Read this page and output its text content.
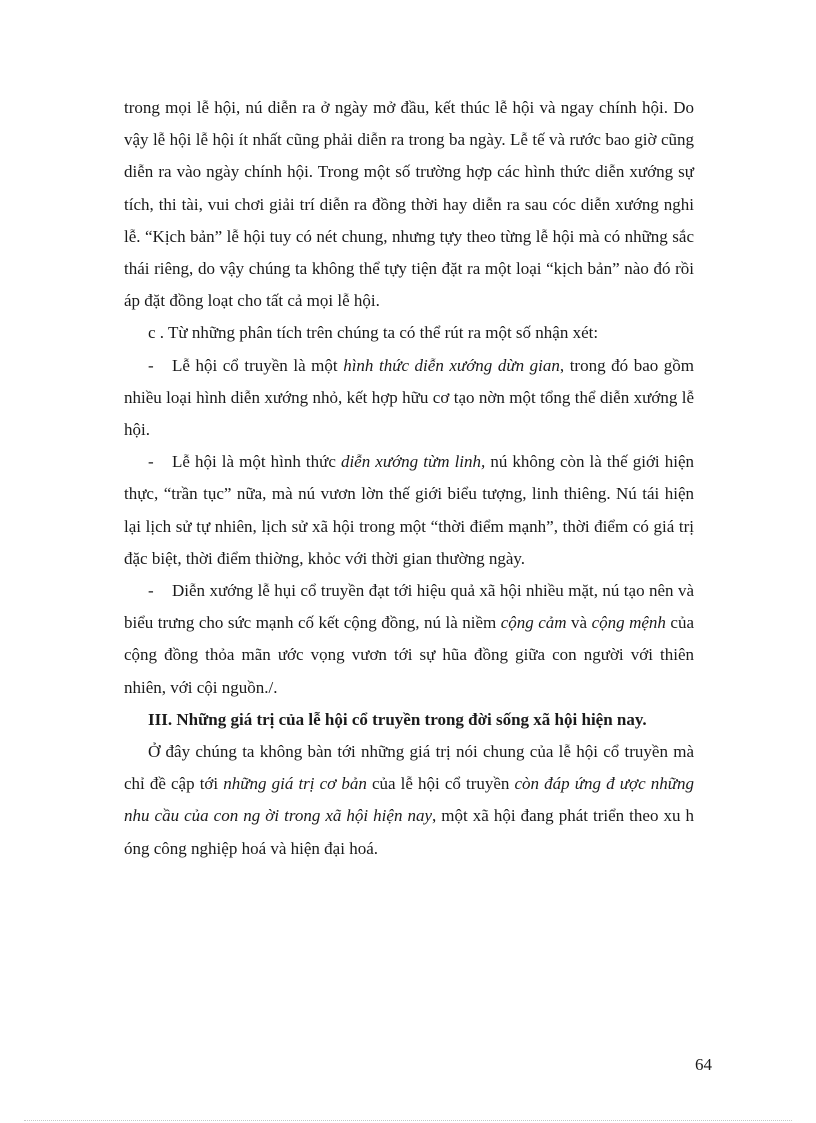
trong mọi lễ hội, nú diễn ra ở ngày mở đầu, kết thúc lễ hội và ngay chính hội. Do vậy lễ hội lễ hội ít nhất cũng phải diễn ra trong ba ngày. Lễ tế và rước bao giờ cũng diễn ra vào ngày chính hội. Trong một số trường hợp các hình thức diễn xướng sự tích, thi tài, vui chơi giải trí diễn ra đồng thời hay diễn ra sau cóc diễn xướng nghi lễ. “Kịch bản” lễ hội tuy có nét chung, nhưng tựy theo từng lễ hội mà có những sắc thái riêng, do vậy chúng ta không thể tựy tiện đặt ra một loại “kịch bản” nào đó rồi áp đặt đồng loạt cho tất cả mọi lễ hội.

c . Từ những phân tích trên chúng ta có thể rút ra một số nhận xét:

- Lễ hội cổ truyền là một hình thức diễn xướng dừn gian, trong đó bao gồm nhiều loại hình diễn xướng nhỏ, kết hợp hữu cơ tạo nờn một tổng thể diễn xướng lễ hội.

- Lễ hội là một hình thức diễn xướng từm linh, nú không còn là thế giới hiện thực, “trần tục” nữa, mà nú vươn lờn thế giới biểu tượng, linh thiêng. Nú tái hiện lại lịch sử tự nhiên, lịch sử xã hội trong một “thời điểm mạnh”, thời điểm có giá trị đặc biệt, thời điểm thiờng, khỏc với thời gian thường ngày.

- Diễn xướng lễ hụi cổ truyền đạt tới hiệu quả xã hội nhiều mặt, nú tạo nên và biểu trưng cho sức mạnh cố kết cộng đồng, nú là niềm cộng cảm và cộng mệnh của cộng đồng thỏa mãn ước vọng vươn tới sự hũa đồng giữa con người với thiên nhiên, với cội nguồn./.

III. Những giá trị của lễ hội cổ truyền trong đời sống xã hội hiện nay.

Ở đây chúng ta không bàn tới những giá trị nói chung của lễ hội cổ truyền mà chỉ đề cập tới những giá trị cơ bản của lễ hội cổ truyền còn đáp ứng đ ược những nhu cầu của con ng ời trong xã hội hiện nay, một xã hội đang phát triển theo xu h óng công nghiệp hoá và hiện đại hoá.

64
